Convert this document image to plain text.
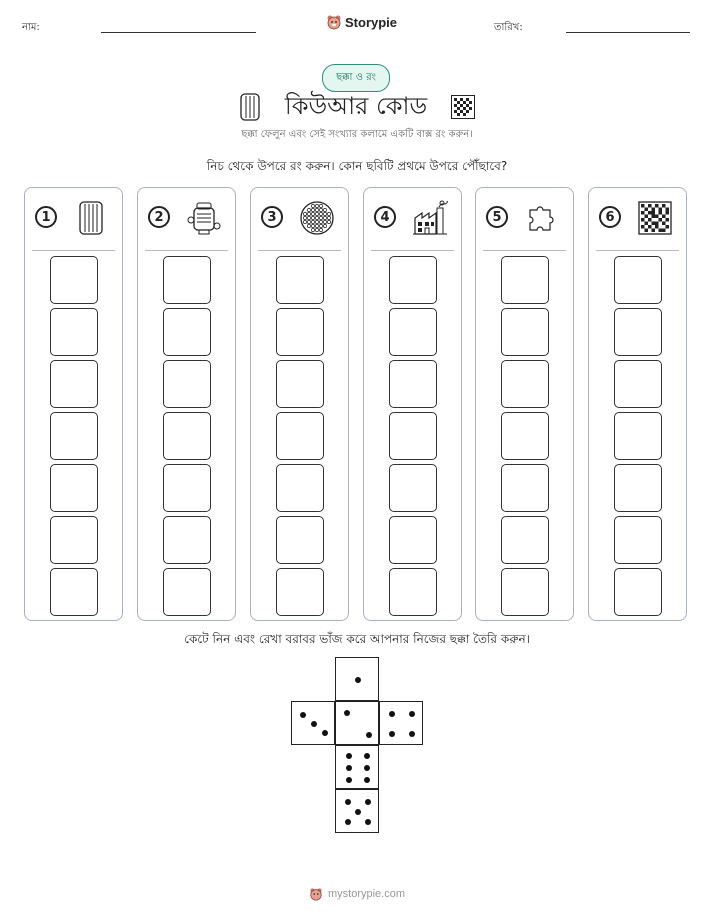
নাম:	Storypie	তারিখ:
ছক্কা ও রং
কিউআর কোড
ছক্কা ফেলুন এবং সেই সংখ্যার কলামে একটি বাক্স রং করুন।
নিচ থেকে উপরে রং করুন। কোন ছবিটি প্রথমে উপরে পৌঁছাবে?
1	2	3	4	5	6
কেটে নিন এবং রেখা বরাবর ভাঁজ করে আপনার নিজের ছক্কা তৈরি করুন।
mystorypie.com
